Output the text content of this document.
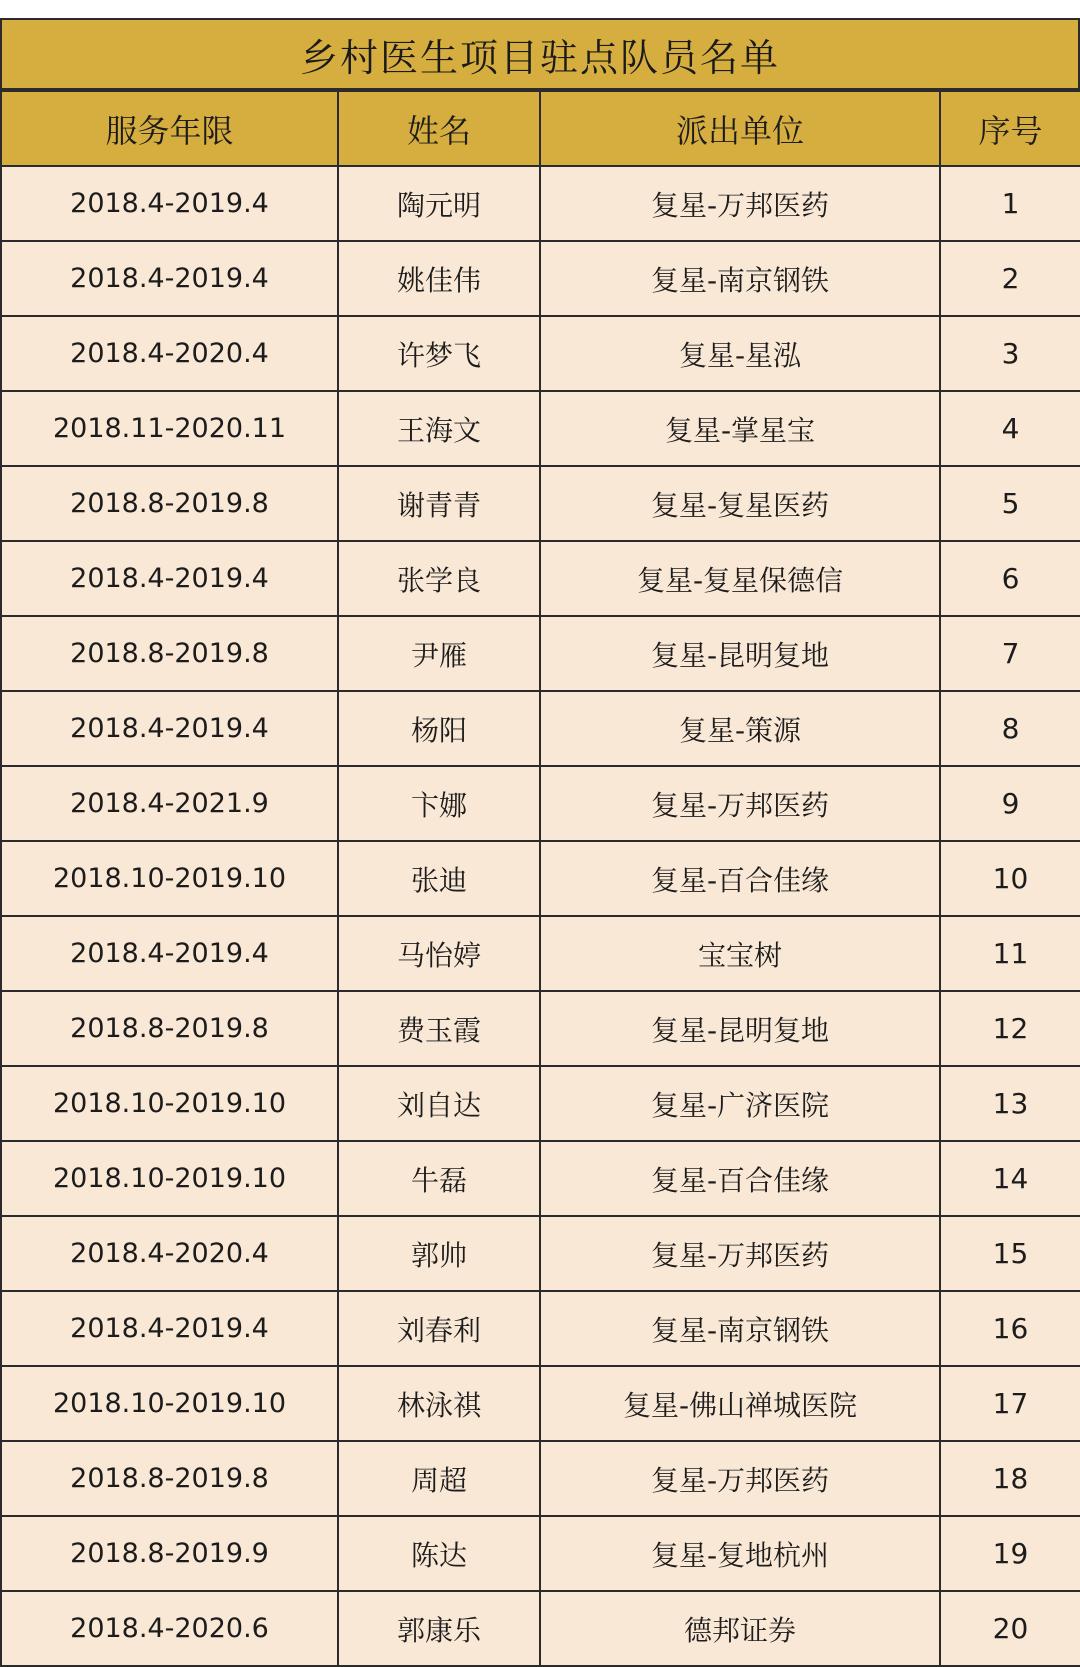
乡村医生项目驻点队员名单
服务年限	姓名	派出单位	序号
2018.4-2019.4	陶元明	复星-万邦医药	1
2018.4-2019.4	姚佳伟	复星-南京钢铁	2
2018.4-2020.4	许梦飞	复星-星泓	3
2018.11-2020.11	王海文	复星-掌星宝	4
2018.8-2019.8	谢青青	复星-复星医药	5
2018.4-2019.4	张学良	复星-复星保德信	6
2018.8-2019.8	尹雁	复星-昆明复地	7
2018.4-2019.4	杨阳	复星-策源	8
2018.4-2021.9	卞娜	复星-万邦医药	9
2018.10-2019.10	张迪	复星-百合佳缘	10
2018.4-2019.4	马怡婷	宝宝树	11
2018.8-2019.8	费玉霞	复星-昆明复地	12
2018.10-2019.10	刘自达	复星-广济医院	13
2018.10-2019.10	牛磊	复星-百合佳缘	14
2018.4-2020.4	郭帅	复星-万邦医药	15
2018.4-2019.4	刘春利	复星-南京钢铁	16
2018.10-2019.10	林泳祺	复星-佛山禅城医院	17
2018.8-2019.8	周超	复星-万邦医药	18
2018.8-2019.9	陈达	复星-复地杭州	19
2018.4-2020.6	郭康乐	德邦证券	20
